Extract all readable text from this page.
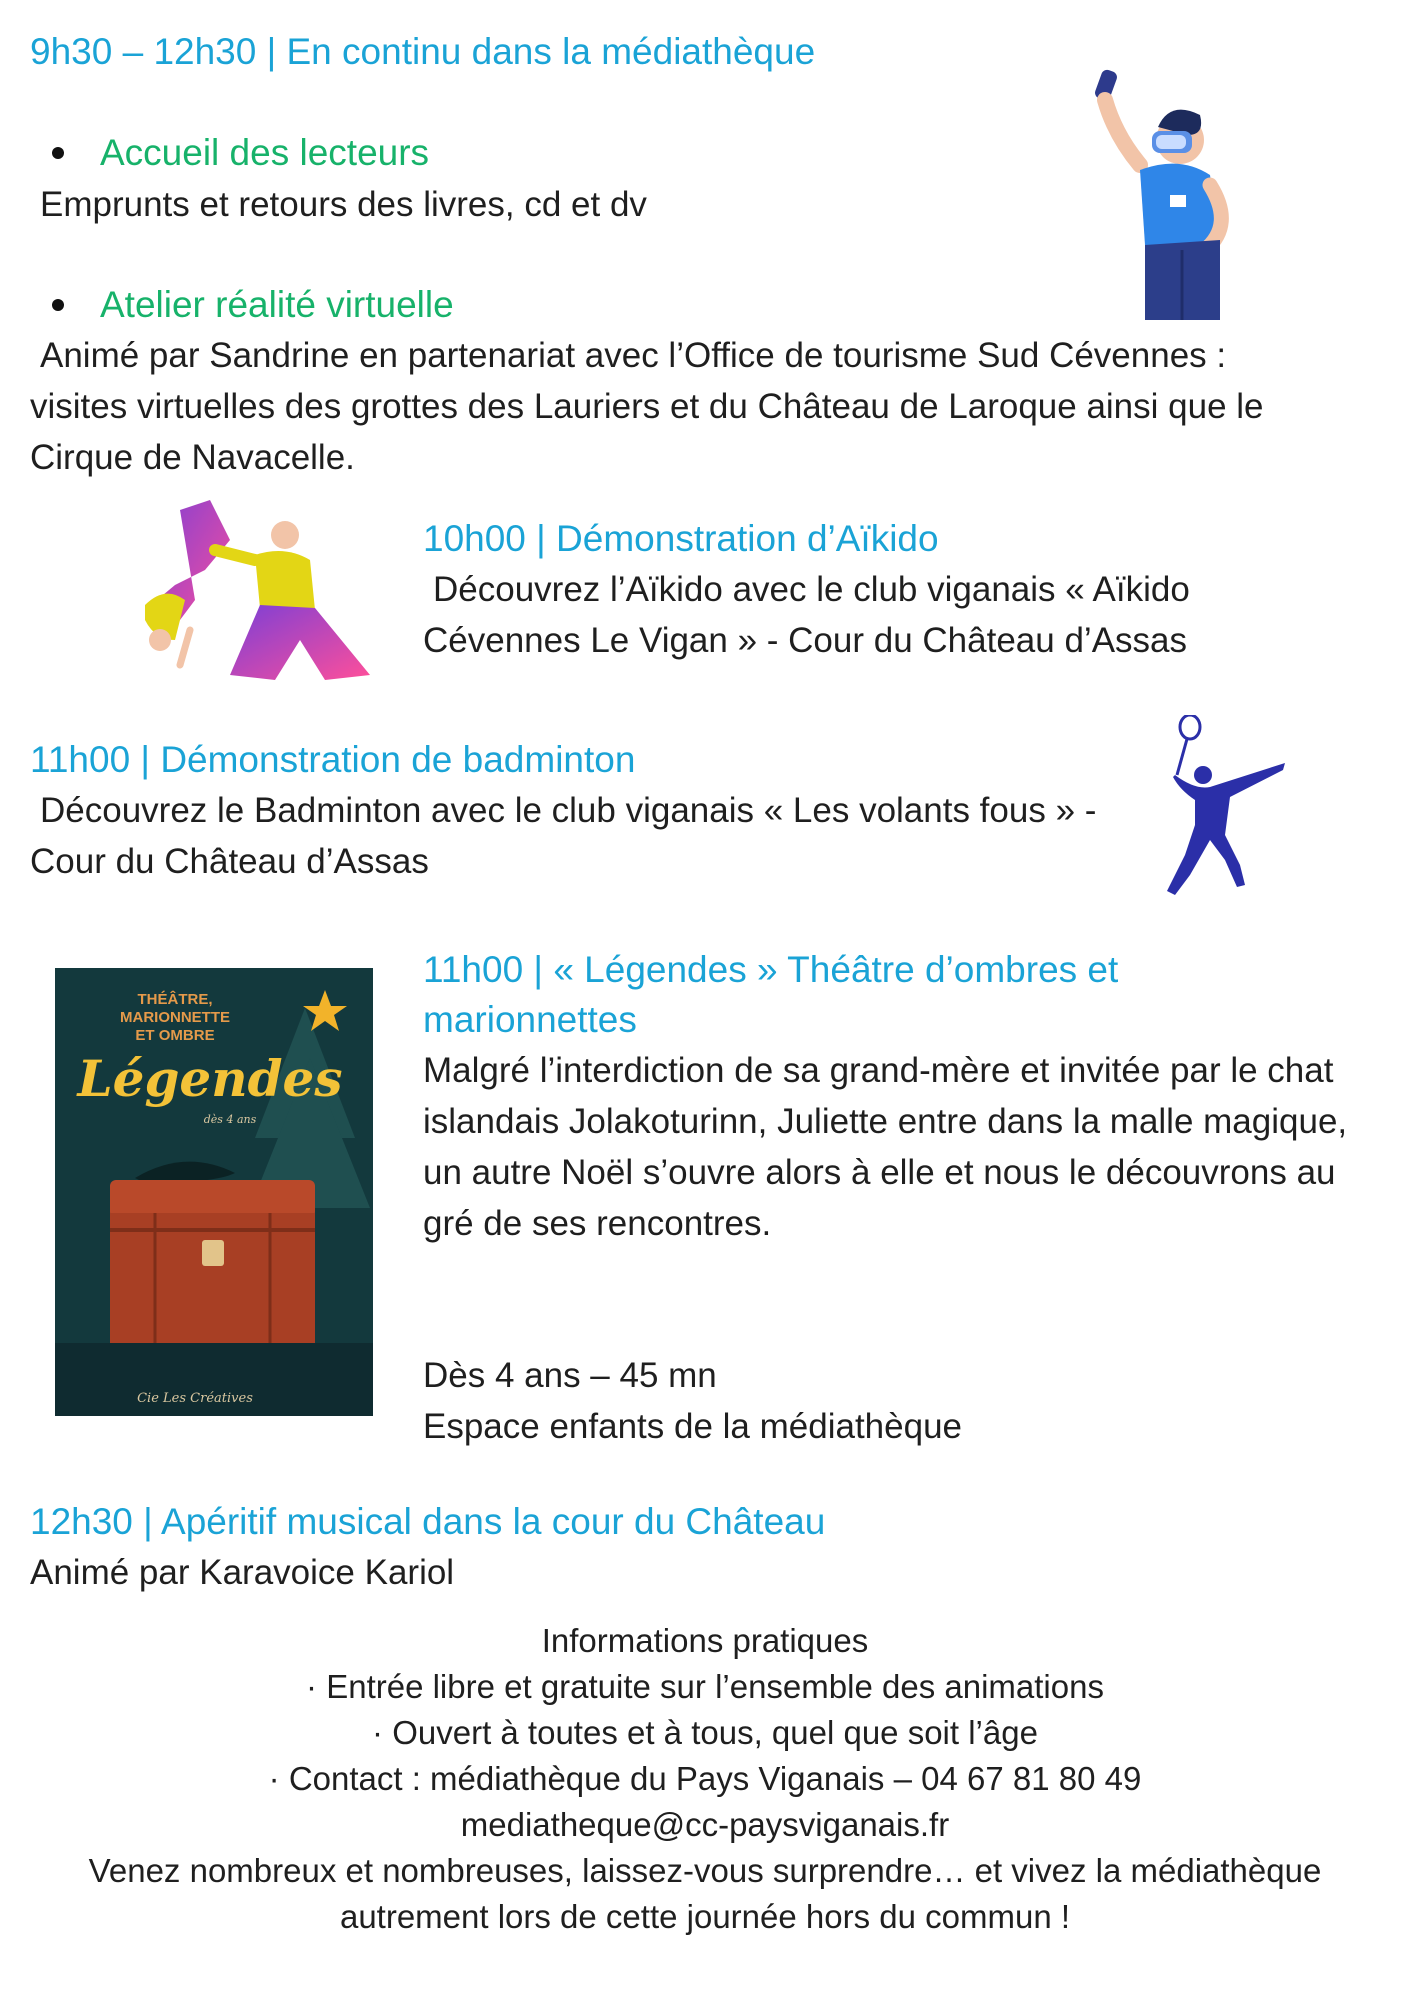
9h30 – 12h30 | En continu dans la médiathèque
Accueil des lecteurs
Emprunts et retours des livres, cd et dv
Atelier réalité virtuelle
Animé par Sandrine en partenariat avec l’Office de tourisme Sud Cévennes : visites virtuelles des grottes des Lauriers et du Château de Laroque ainsi que le Cirque de Navacelle.
10h00 | Démonstration d’Aïkido
Découvrez l’Aïkido avec le club viganais « Aïkido Cévennes Le Vigan » - Cour du Château d’Assas
11h00 | Démonstration de badminton
Découvrez le Badminton avec le club viganais « Les volants fous » - Cour du Château d’Assas
THÉÂTRE,
MARIONNETTE
ET OMBRE
Légendes
dès 4 ans
Cie Les Créatives
11h00 | « Légendes » Théâtre d’ombres et marionnettes
Malgré l’interdiction de sa grand-mère et invitée par le chat islandais Jolakoturinn, Juliette entre dans la malle magique, un autre Noël s’ouvre alors à elle et nous le découvrons au gré de ses rencontres.
Dès 4 ans – 45 mn
Espace enfants de la médiathèque
12h30 | Apéritif musical dans la cour du Château
Animé par Karavoice Kariol
Informations pratiques
· Entrée libre et gratuite sur l’ensemble des animations
· Ouvert à toutes et à tous, quel que soit l’âge
· Contact : médiathèque du Pays Viganais – 04 67 81 80 49
mediatheque@cc-paysviganais.fr
Venez nombreux et nombreuses, laissez-vous surprendre… et vivez la médiathèque autrement lors de cette journée hors du commun !
